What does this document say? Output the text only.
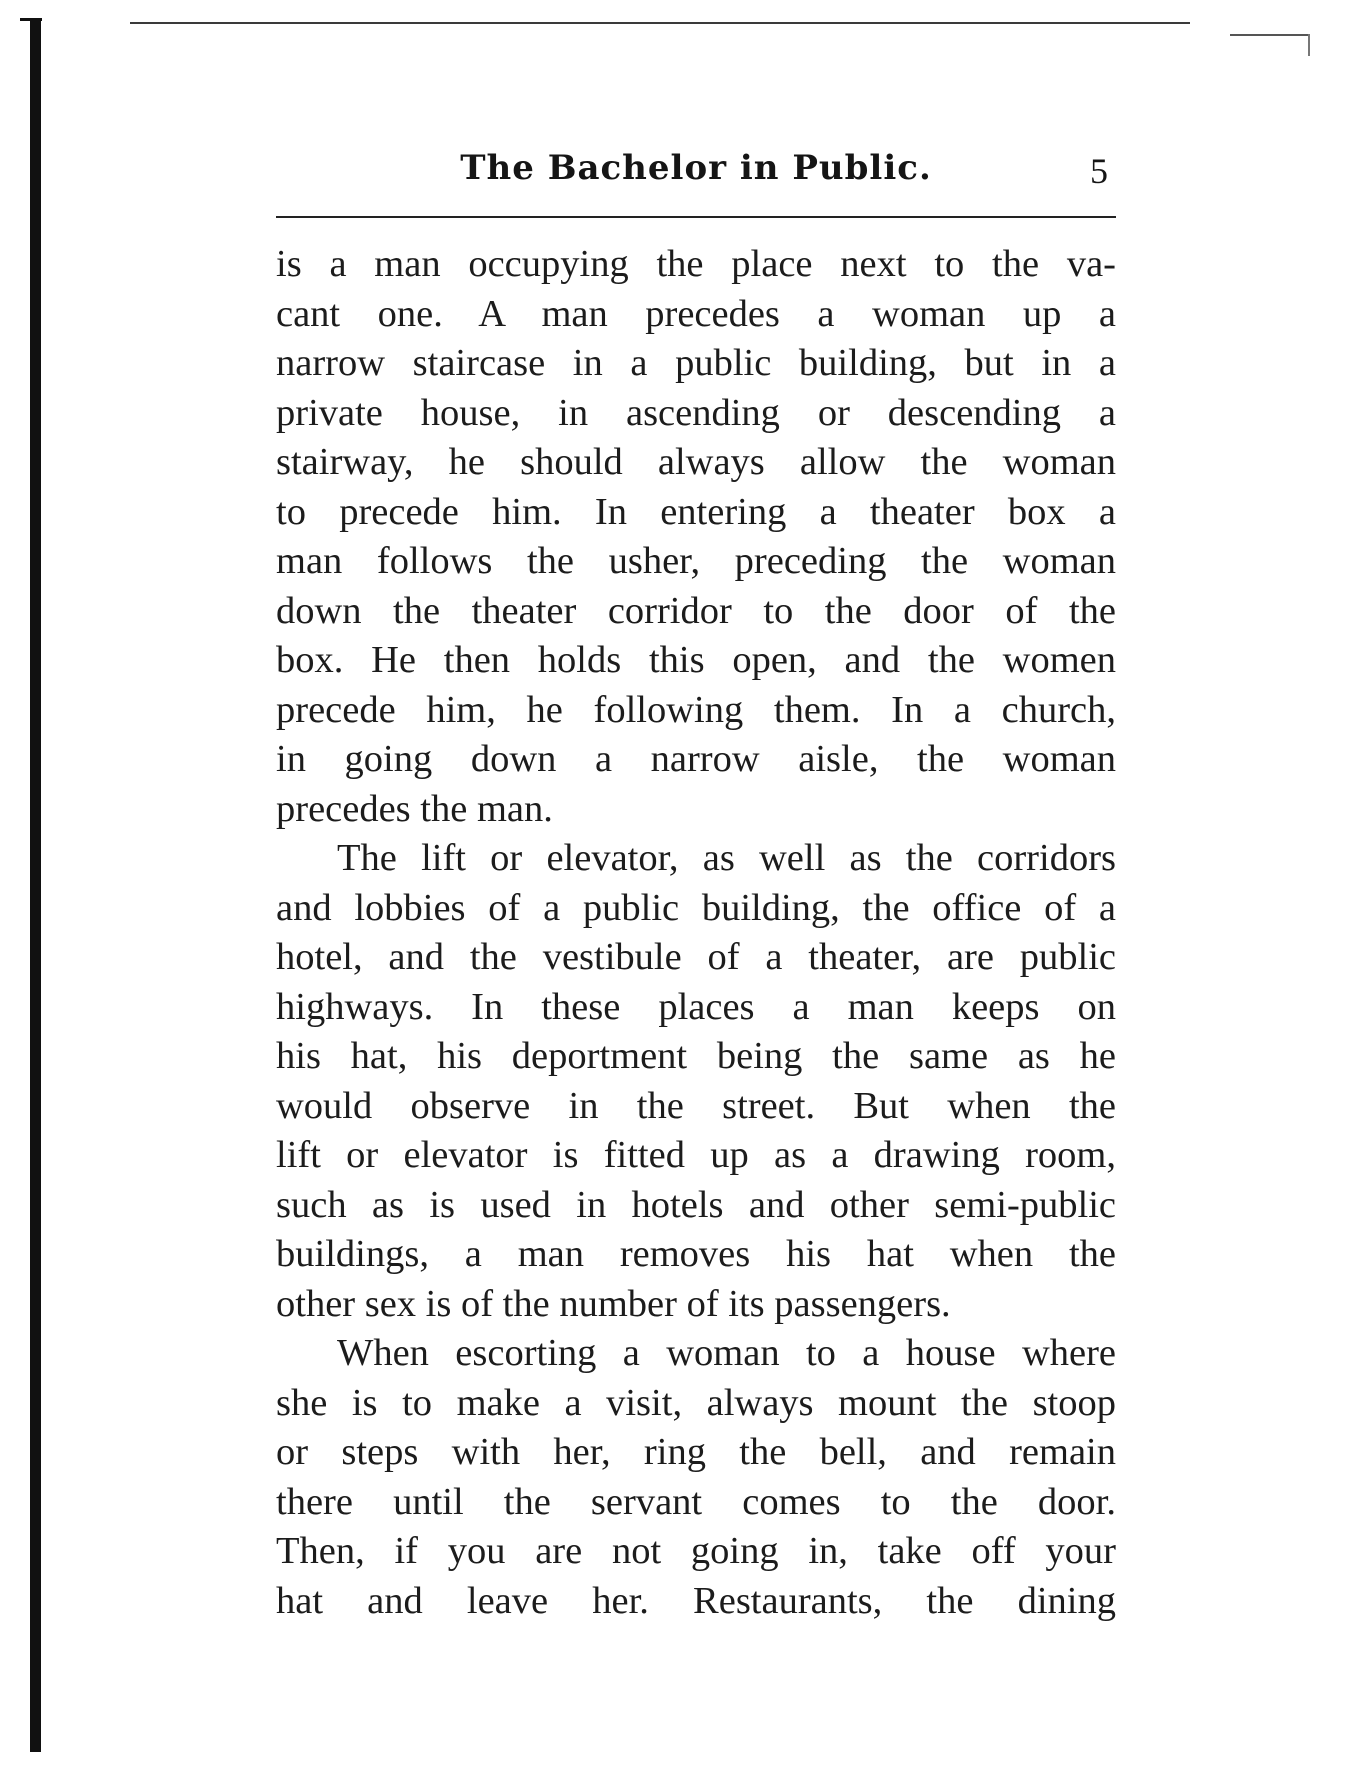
The Bachelor in Public.	5
is a man occupying the place next to the va-
cant one. A man precedes a woman up a
narrow staircase in a public building, but in a
private house, in ascending or descending a
stairway, he should always allow the woman
to precede him. In entering a theater box a
man follows the usher, preceding the woman
down the theater corridor to the door of the
box. He then holds this open, and the women
precede him, he following them. In a church,
in going down a narrow aisle, the woman
precedes the man.
The lift or elevator, as well as the corridors
and lobbies of a public building, the office of a
hotel, and the vestibule of a theater, are public
highways. In these places a man keeps on
his hat, his deportment being the same as he
would observe in the street. But when the
lift or elevator is fitted up as a drawing room,
such as is used in hotels and other semi-public
buildings, a man removes his hat when the
other sex is of the number of its passengers.
When escorting a woman to a house where
she is to make a visit, always mount the stoop
or steps with her, ring the bell, and remain
there until the servant comes to the door.
Then, if you are not going in, take off your
hat and leave her. Restaurants, the dining
